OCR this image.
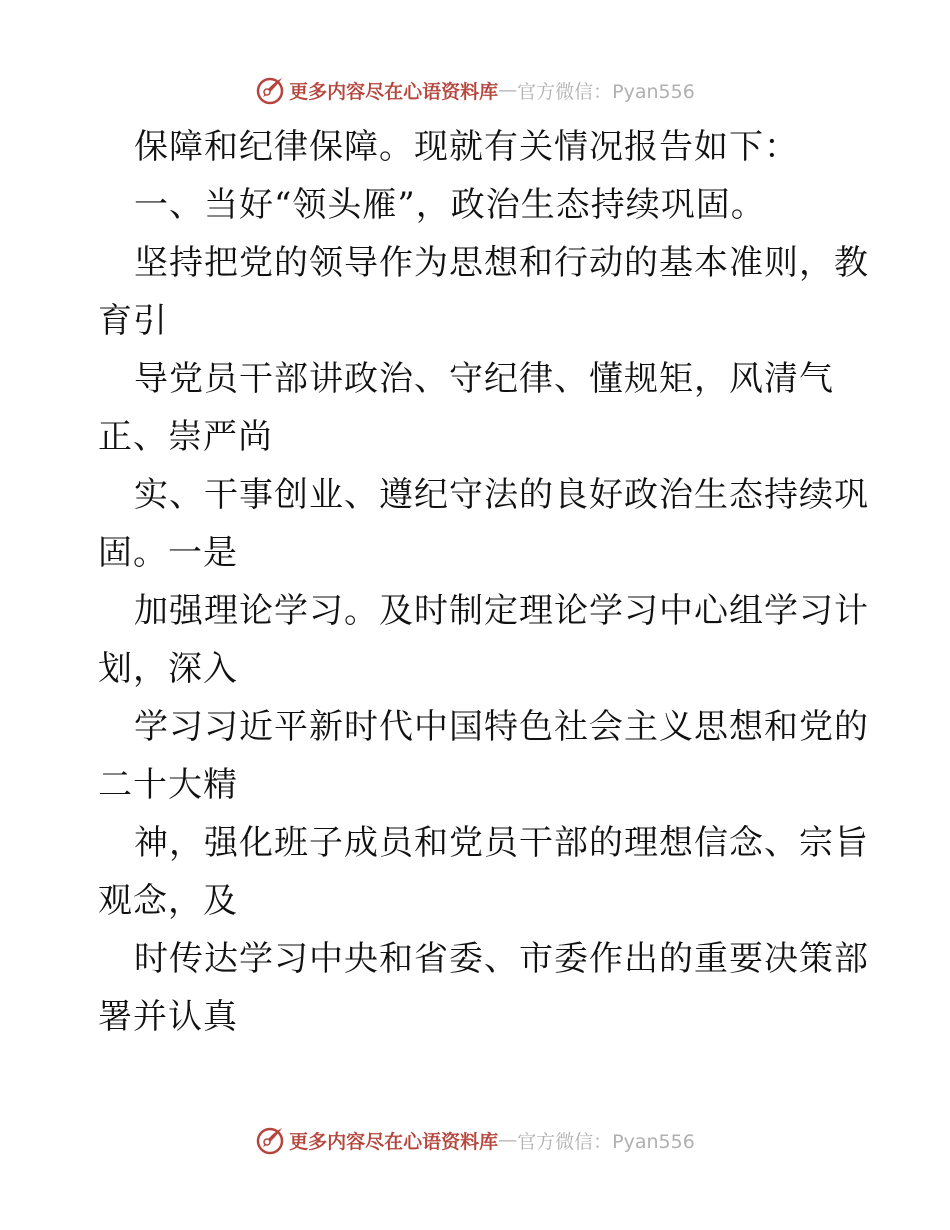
更多内容尽在心语资料库 — 官方微信：Pyan556
保障和纪律保障。现就有关情况报告如下：
一、当好“领头雁”，政治生态持续巩固。
坚持把党的领导作为思想和行动的基本准则，教
育引
导党员干部讲政治、守纪律、懂规矩，风清气
正、崇严尚
实、干事创业、遵纪守法的良好政治生态持续巩
固。一是
加强理论学习。及时制定理论学习中心组学习计
划，深入
学习习近平新时代中国特色社会主义思想和党的
二十大精
神，强化班子成员和党员干部的理想信念、宗旨
观念，及
时传达学习中央和省委、市委作出的重要决策部
署并认真
更多内容尽在心语资料库 — 官方微信：Pyan556
